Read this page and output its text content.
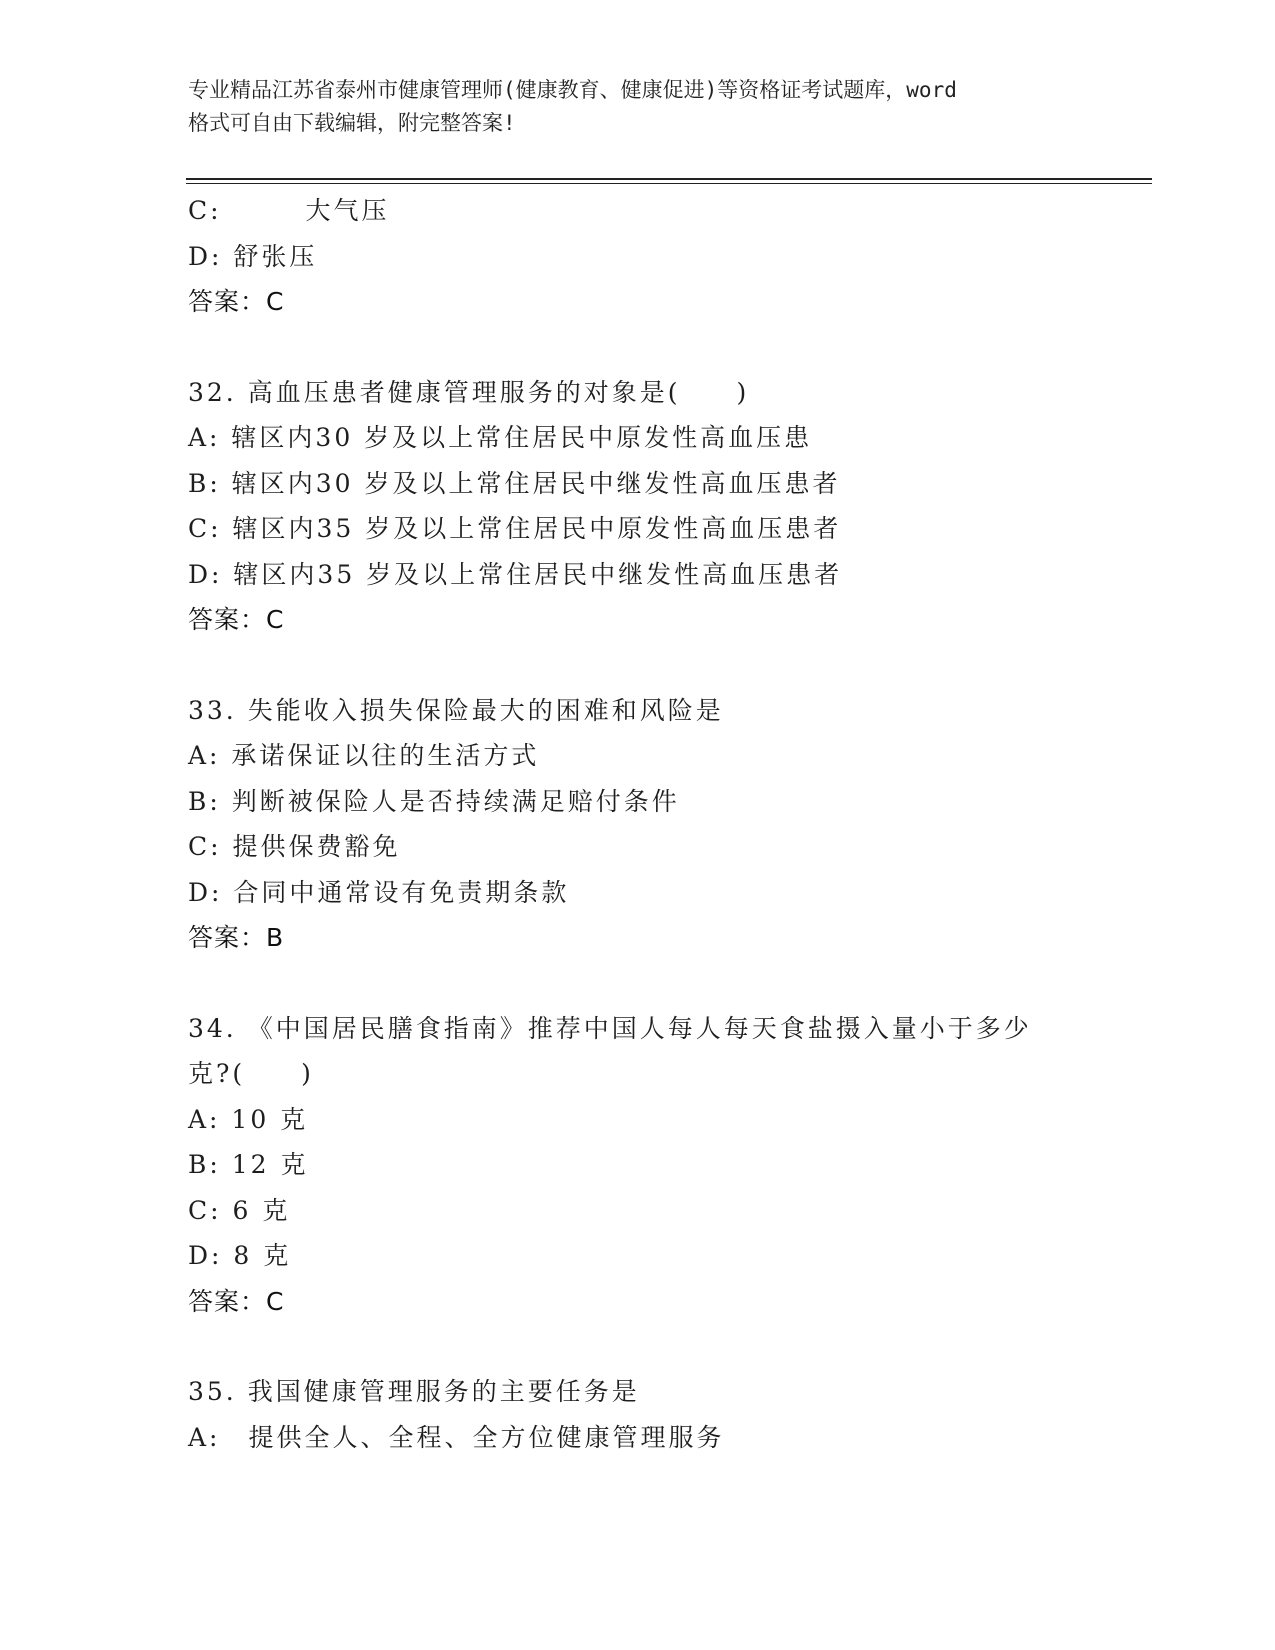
专业精品江苏省泰州市健康管理师(健康教育、健康促进)等资格证考试题库，word
格式可自由下载编辑，附完整答案!
C:　　　大气压
D: 舒张压
答案：C
32. 高血压患者健康管理服务的对象是(　　)
A: 辖区内30 岁及以上常住居民中原发性高血压患
B: 辖区内30 岁及以上常住居民中继发性高血压患者
C: 辖区内35 岁及以上常住居民中原发性高血压患者
D: 辖区内35 岁及以上常住居民中继发性高血压患者
答案：C
33. 失能收入损失保险最大的困难和风险是
A: 承诺保证以往的生活方式
B: 判断被保险人是否持续满足赔付条件
C: 提供保费豁免
D: 合同中通常设有免责期条款
答案：B
34. 《中国居民膳食指南》推荐中国人每人每天食盐摄入量小于多少
克?(　　)
A: 10 克
B: 12 克
C: 6 克
D: 8 克
答案：C
35. 我国健康管理服务的主要任务是
A:　提供全人、全程、全方位健康管理服务
